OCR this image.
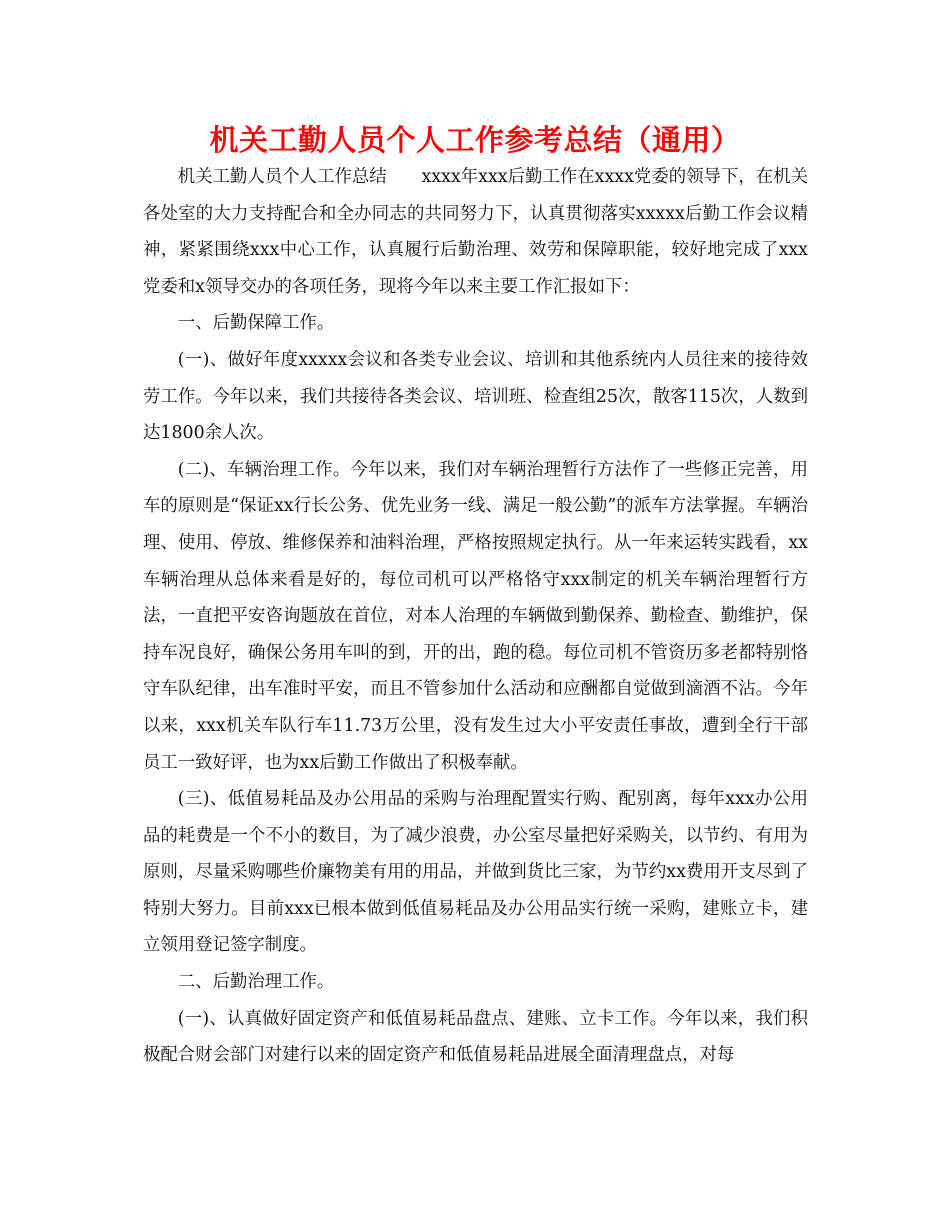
机关工勤人员个人工作参考总结（通用）

机关工勤人员个人工作总结　　xxxx年xxx后勤工作在xxxx党委的领导下，在机关各处室的大力支持配合和全办同志的共同努力下，认真贯彻落实xxxxx后勤工作会议精神，紧紧围绕xxx中心工作，认真履行后勤治理、效劳和保障职能，较好地完成了xxx党委和x领导交办的各项任务，现将今年以来主要工作汇报如下：

一、后勤保障工作。

(一)、做好年度xxxxx会议和各类专业会议、培训和其他系统内人员往来的接待效劳工作。今年以来，我们共接待各类会议、培训班、检查组25次，散客115次，人数到达1800余人次。

(二)、车辆治理工作。今年以来，我们对车辆治理暂行方法作了一些修正完善，用车的原则是“保证xx行长公务、优先业务一线、满足一般公勤”的派车方法掌握。车辆治理、使用、停放、维修保养和油料治理，严格按照规定执行。从一年来运转实践看，xx车辆治理从总体来看是好的，每位司机可以严格恪守xxx制定的机关车辆治理暂行方法，一直把平安咨询题放在首位，对本人治理的车辆做到勤保养、勤检查、勤维护，保持车况良好，确保公务用车叫的到，开的出，跑的稳。每位司机不管资历多老都特别恪守车队纪律，出车准时平安，而且不管参加什么活动和应酬都自觉做到滴酒不沾。今年以来，xxx机关车队行车11.73万公里，没有发生过大小平安责任事故，遭到全行干部员工一致好评，也为xx后勤工作做出了积极奉献。

(三)、低值易耗品及办公用品的采购与治理配置实行购、配别离，每年xxx办公用品的耗费是一个不小的数目，为了减少浪费，办公室尽量把好采购关，以节约、有用为原则，尽量采购哪些价廉物美有用的用品，并做到货比三家，为节约xx费用开支尽到了特别大努力。目前xxx已根本做到低值易耗品及办公用品实行统一采购，建账立卡，建立领用登记签字制度。

二、后勤治理工作。

(一)、认真做好固定资产和低值易耗品盘点、建账、立卡工作。今年以来，我们积极配合财会部门对建行以来的固定资产和低值易耗品进展全面清理盘点，对每
